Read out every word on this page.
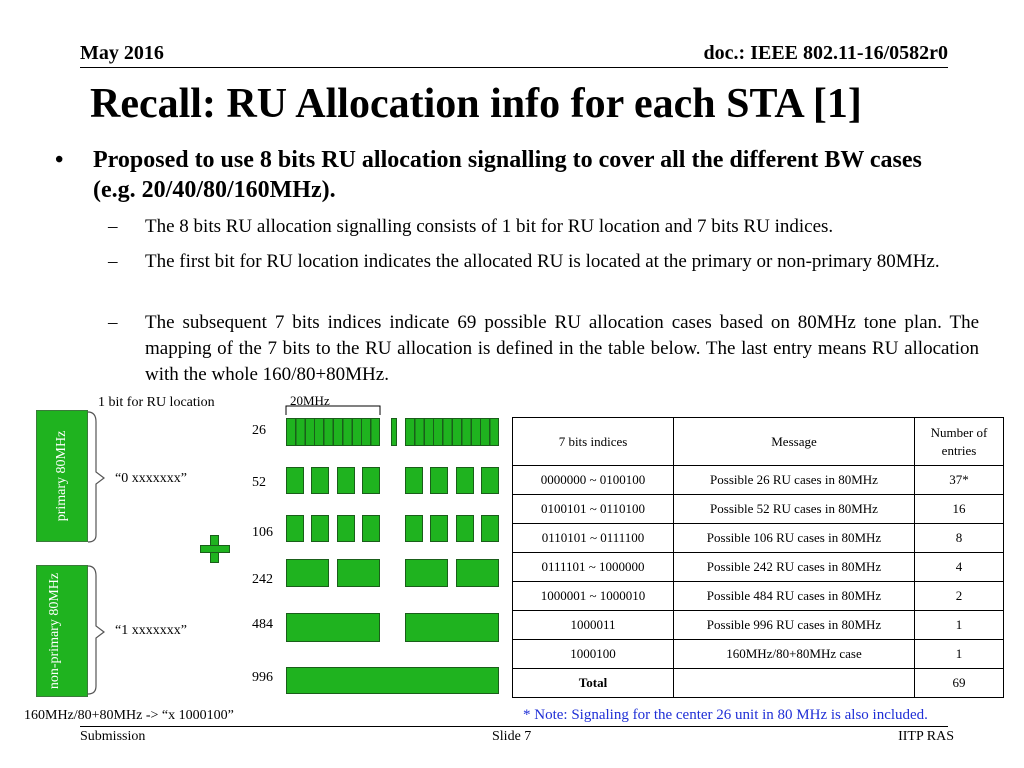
May 2016	doc.: IEEE 802.11-16/0582r0
Recall: RU Allocation info for each STA [1]
• Proposed to use 8 bits RU allocation signalling to cover all the different BW cases (e.g. 20/40/80/160MHz).
– The 8 bits RU allocation signalling consists of 1 bit for RU location and 7 bits RU indices.
– The first bit for RU location indicates the allocated RU is located at the primary or non-primary 80MHz.
– The subsequent 7 bits indices indicate 69 possible RU allocation cases based on 80MHz tone plan. The mapping of the 7 bits to the RU allocation is defined in the table below. The last entry means RU allocation with the whole 160/80+80MHz.
1 bit for RU location
primary 80MHz
non-primary 80MHz
“0 xxxxxxx”
“1 xxxxxxx”
26
52
106
242
484
996
20MHz
160MHz/80+80MHz -> “x 1000100”
7 bits indices	Message	Number of entries
0000000 ~ 0100100	Possible 26 RU cases in 80MHz	37*
0100101 ~ 0110100	Possible 52 RU cases in 80MHz	16
0110101 ~ 0111100	Possible 106 RU cases in 80MHz	8
0111101 ~ 1000000	Possible 242 RU cases in 80MHz	4
1000001 ~ 1000010	Possible 484 RU cases in 80MHz	2
1000011	Possible 996 RU cases in 80MHz	1
1000100	160MHz/80+80MHz case	1
Total		69
* Note: Signaling for the center 26 unit in 80 MHz is also included.
Submission	Slide 7	IITP RAS
